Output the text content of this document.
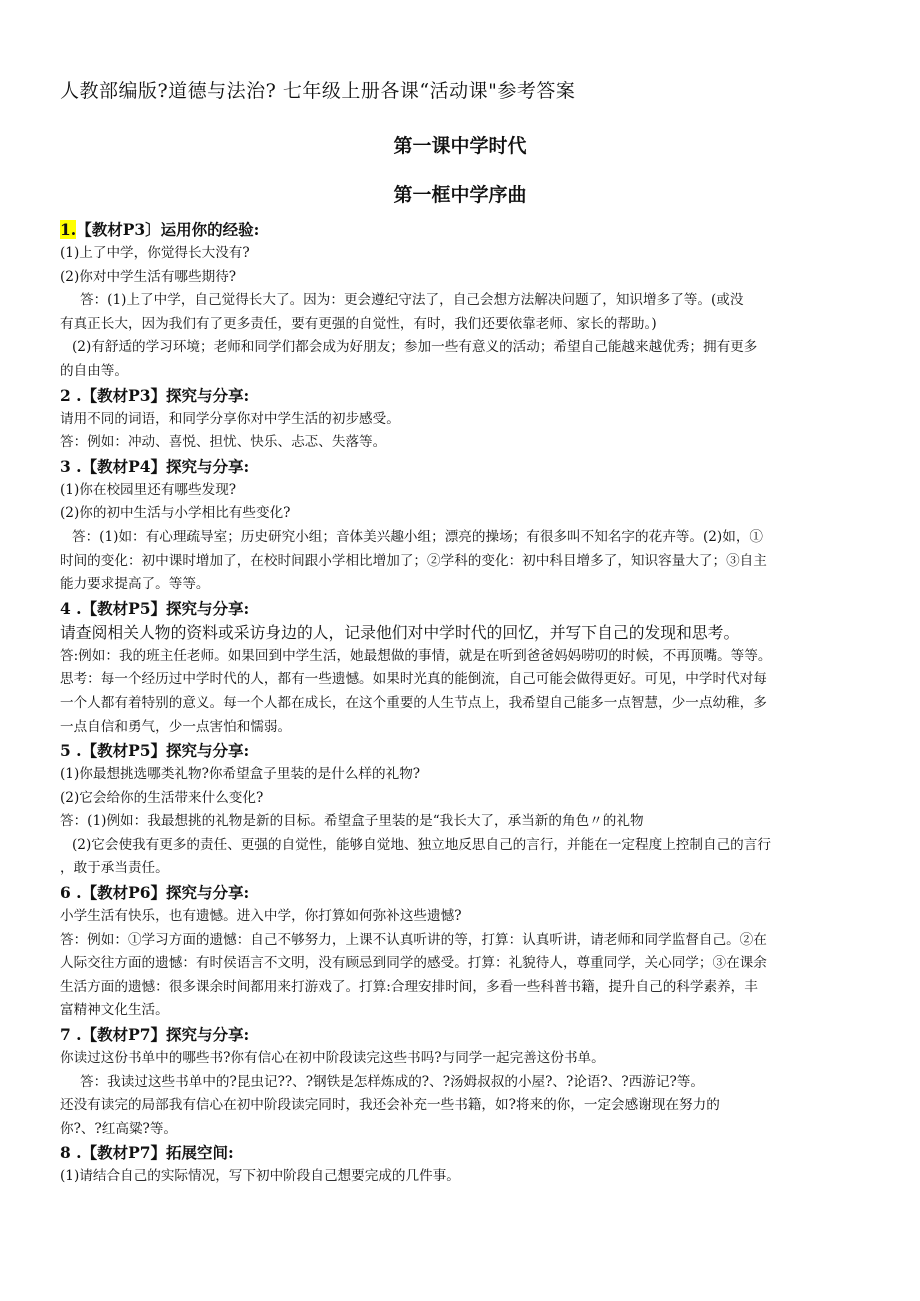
人教部编版?道德与法治? 七年级上册各课“活动课"参考答案
第一课中学时代
第一框中学序曲
1.【教材P3〕运用你的经验:
(1)上了中学，你觉得长大没有?
(2)你对中学生活有哪些期待?
答：(1)上了中学，自己觉得长大了。因为：更会遵纪守法了，自己会想方法解决问题了，知识增多了等。(或没
有真正长大，因为我们有了更多责任，要有更强的自觉性，有时，我们还要依靠老师、家长的帮助。)
(2)有舒适的学习环境；老师和同学们都会成为好朋友；参加一些有意义的活动；希望自己能越来越优秀；拥有更多
的自由等。
2 .【教材P3】探究与分享:
请用不同的词语，和同学分享你对中学生活的初步感受。
答：例如：冲动、喜悦、担忧、快乐、忐忑、失落等。
3 .【教材P4】探究与分享:
(1)你在校园里还有哪些发现?
(2)你的初中生活与小学相比有些变化?
答：(1)如：有心理疏导室；历史研究小组；音体美兴趣小组；漂亮的操场；有很多叫不知名字的花卉等。(2)如，①
时间的变化：初中课时增加了，在校时间跟小学相比增加了；②学科的变化：初中科目增多了，知识容量大了；③自主
能力要求提高了。等等。
4 .【教材P5】探究与分享:
请查阅相关人物的资料或采访身边的人，记录他们对中学时代的回忆，并写下自己的发现和思考。
答:例如：我的班主任老师。如果回到中学生活，她最想做的事情，就是在听到爸爸妈妈唠叨的时候，不再顶嘴。等等。
思考：每一个经历过中学时代的人，都有一些遗憾。如果时光真的能倒流，自己可能会做得更好。可见，中学时代对每
一个人都有着特别的意义。每一个人都在成长，在这个重要的人生节点上，我希望自己能多一点智慧，少一点幼稚，多
一点自信和勇气，少一点害怕和懦弱。
5 .【教材P5】探究与分享:
(1)你最想挑选哪类礼物?你希望盒子里装的是什么样的礼物?
(2)它会给你的生活带来什么变化?
答：(1)例如：我最想挑的礼物是新的目标。希望盒子里装的是“我长大了，承当新的角色〃的礼物
(2)它会使我有更多的责任、更强的自觉性，能够自觉地、独立地反思自己的言行，并能在一定程度上控制自己的言行
，敢于承当责任。
6 .【教材P6】探究与分享:
小学生活有快乐，也有遗憾。进入中学，你打算如何弥补这些遗憾?
答：例如：①学习方面的遗憾：自己不够努力，上课不认真听讲的等，打算：认真听讲，请老师和同学监督自己。②在
人际交往方面的遗憾：有时侯语言不文明，没有顾忌到同学的感受。打算：礼貌待人，尊重同学，关心同学；③在课余
生活方面的遗憾：很多课余时间都用来打游戏了。打算:合理安排时间，多看一些科普书籍，提升自己的科学素养，丰
富精神文化生活。
7 .【教材P7】探究与分享:
你读过这份书单中的哪些书?你有信心在初中阶段读完这些书吗?与同学一起完善这份书单。
答：我读过这些书单中的?昆虫记??、?钢铁是怎样炼成的?、?汤姆叔叔的小屋?、?论语?、?西游记?等。
还没有读完的局部我有信心在初中阶段读完同时，我还会补充一些书籍，如?将来的你，一定会感谢现在努力的
你?、?红高粱?等。
8 .【教材P7】拓展空间:
(1)请结合自己的实际情况，写下初中阶段自己想要完成的几件事。
